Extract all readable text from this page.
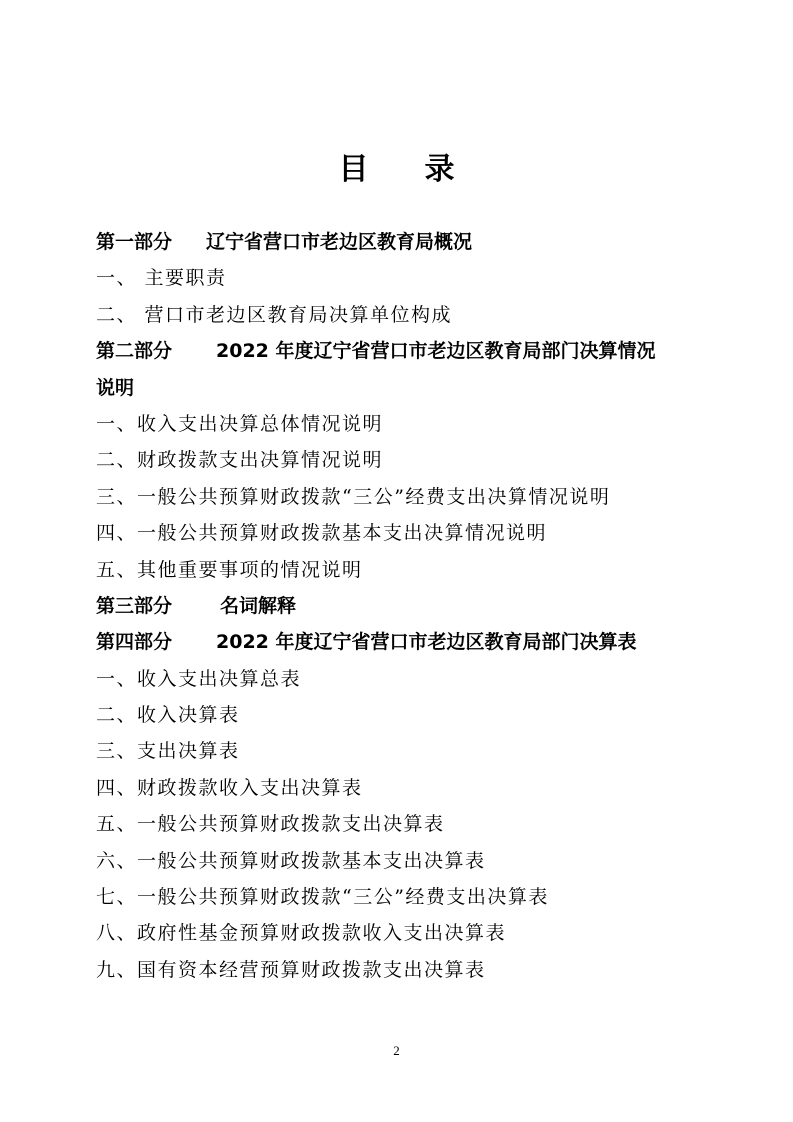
目 录
第一部分 辽宁省营口市老边区教育局概况
一、 主要职责
二、 营口市老边区教育局决算单位构成
第二部分 2022 年度辽宁省营口市老边区教育局部门决算情况
说明
一、收入支出决算总体情况说明
二、财政拨款支出决算情况说明
三、一般公共预算财政拨款“三公”经费支出决算情况说明
四、一般公共预算财政拨款基本支出决算情况说明
五、其他重要事项的情况说明
第三部分	名词解释
第四部分 2022 年度辽宁省营口市老边区教育局部门决算表
一、收入支出决算总表
二、收入决算表
三、支出决算表
四、财政拨款收入支出决算表
五、一般公共预算财政拨款支出决算表
六、一般公共预算财政拨款基本支出决算表
七、一般公共预算财政拨款“三公”经费支出决算表
八、政府性基金预算财政拨款收入支出决算表
九、国有资本经营预算财政拨款支出决算表
2
